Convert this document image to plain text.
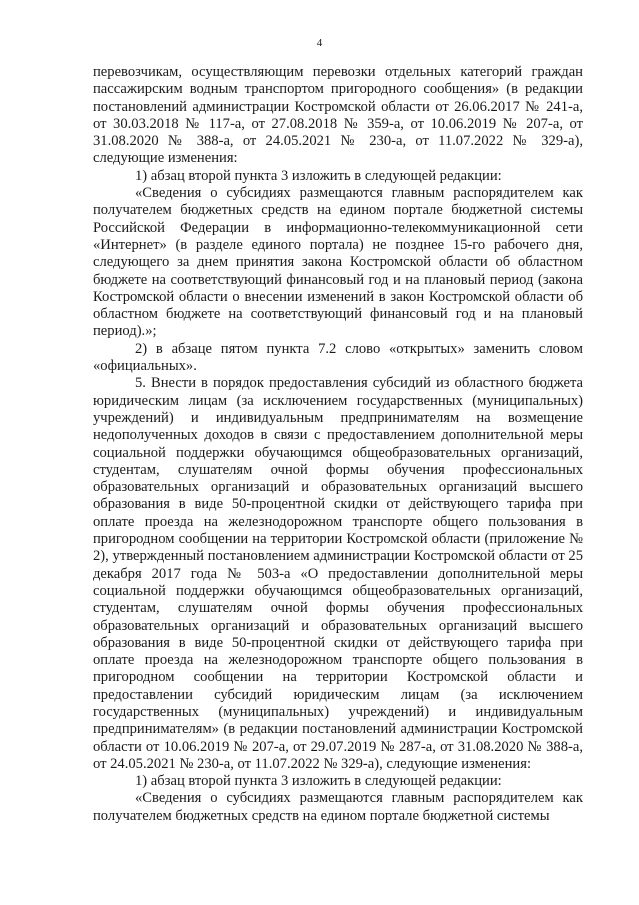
4

перевозчикам, осуществляющим перевозки отдельных категорий граждан пассажирским водным транспортом пригородного сообщения» (в редакции постановлений администрации Костромской области от 26.06.2017 № 241-а, от 30.03.2018 № 117-а, от 27.08.2018 № 359-а, от 10.06.2019 № 207-а, от 31.08.2020 № 388-а, от 24.05.2021 № 230-а, от 11.07.2022 № 329-а), следующие изменения:

1) абзац второй пункта 3 изложить в следующей редакции:

«Сведения о субсидиях размещаются главным распорядителем как получателем бюджетных средств на едином портале бюджетной системы Российской Федерации в информационно-телекоммуникационной сети «Интернет» (в разделе единого портала) не позднее 15-го рабочего дня, следующего за днем принятия закона Костромской области об областном бюджете на соответствующий финансовый год и на плановый период (закона Костромской области о внесении изменений в закон Костромской области об областном бюджете на соответствующий финансовый год и на плановый период).»;

2) в абзаце пятом пункта 7.2 слово «открытых» заменить словом «официальных».

5. Внести в порядок предоставления субсидий из областного бюджета юридическим лицам (за исключением государственных (муниципальных) учреждений) и индивидуальным предпринимателям на возмещение недополученных доходов в связи с предоставлением дополнительной меры социальной поддержки обучающимся общеобразовательных организаций, студентам, слушателям очной формы обучения профессиональных образовательных организаций и образовательных организаций высшего образования в виде 50-процентной скидки от действующего тарифа при оплате проезда на железнодорожном транспорте общего пользования в пригородном сообщении на территории Костромской области (приложение № 2), утвержденный постановлением администрации Костромской области от 25 декабря 2017 года № 503-а «О предоставлении дополнительной меры социальной поддержки обучающимся общеобразовательных организаций, студентам, слушателям очной формы обучения профессиональных образовательных организаций и образовательных организаций высшего образования в виде 50-процентной скидки от действующего тарифа при оплате проезда на железнодорожном транспорте общего пользования в пригородном сообщении на территории Костромской области и предоставлении субсидий юридическим лицам (за исключением государственных (муниципальных) учреждений) и индивидуальным предпринимателям» (в редакции постановлений администрации Костромской области от 10.06.2019 № 207-а, от 29.07.2019 № 287-а, от 31.08.2020 № 388-а, от 24.05.2021 № 230-а, от 11.07.2022 № 329-а), следующие изменения:

1) абзац второй пункта 3 изложить в следующей редакции:

«Сведения о субсидиях размещаются главным распорядителем как получателем бюджетных средств на едином портале бюджетной системы
